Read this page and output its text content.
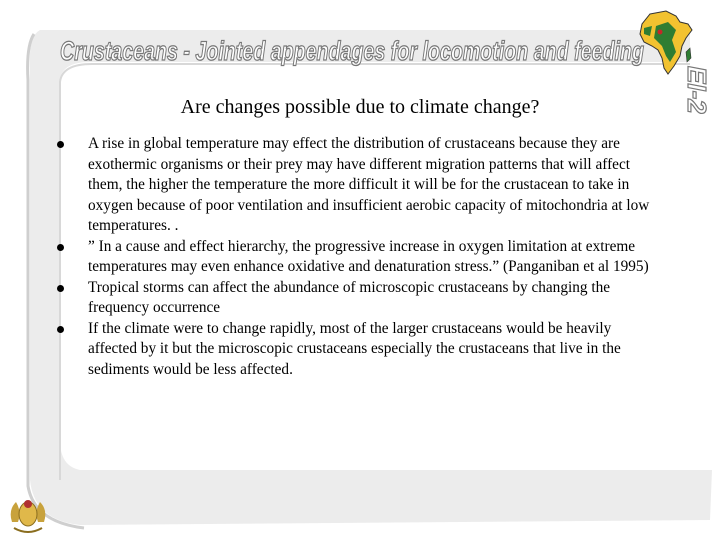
Crustaceans - Jointed appendages for locomotion and feeding
EI-2
Are changes possible due to climate change?
A rise in global temperature may effect the distribution of crustaceans because they are exothermic organisms or their prey may have different migration patterns that will affect them, the higher the temperature the more difficult it will be for the crustacean to take in oxygen because of poor ventilation and insufficient aerobic capacity of mitochondria at low temperatures. .
” In a cause and effect hierarchy, the progressive increase in oxygen limitation at extreme temperatures may even enhance oxidative and denaturation stress.” (Panganiban et al 1995)
Tropical storms can affect the abundance of microscopic crustaceans by changing the frequency occurrence
If the climate were to change rapidly, most of the larger crustaceans would be heavily affected by it but the microscopic crustaceans especially the crustaceans that live in the sediments would be less affected.
